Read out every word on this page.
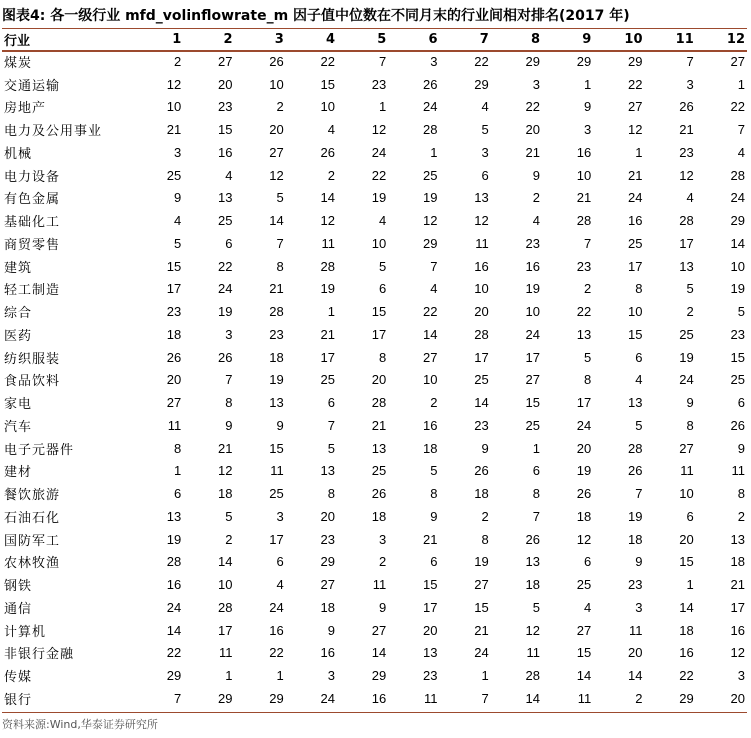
图表4: 各一级行业 mfd_volinflowrate_m 因子值中位数在不同月末的行业间相对排名(2017 年)
行业	1	2	3	4	5	6	7	8	9	10	11	12
煤炭	2	27	26	22	7	3	22	29	29	29	7	27
交通运输	12	20	10	15	23	26	29	3	1	22	3	1
房地产	10	23	2	10	1	24	4	22	9	27	26	22
电力及公用事业	21	15	20	4	12	28	5	20	3	12	21	7
机械	3	16	27	26	24	1	3	21	16	1	23	4
电力设备	25	4	12	2	22	25	6	9	10	21	12	28
有色金属	9	13	5	14	19	19	13	2	21	24	4	24
基础化工	4	25	14	12	4	12	12	4	28	16	28	29
商贸零售	5	6	7	11	10	29	11	23	7	25	17	14
建筑	15	22	8	28	5	7	16	16	23	17	13	10
轻工制造	17	24	21	19	6	4	10	19	2	8	5	19
综合	23	19	28	1	15	22	20	10	22	10	2	5
医药	18	3	23	21	17	14	28	24	13	15	25	23
纺织服装	26	26	18	17	8	27	17	17	5	6	19	15
食品饮料	20	7	19	25	20	10	25	27	8	4	24	25
家电	27	8	13	6	28	2	14	15	17	13	9	6
汽车	11	9	9	7	21	16	23	25	24	5	8	26
电子元器件	8	21	15	5	13	18	9	1	20	28	27	9
建材	1	12	11	13	25	5	26	6	19	26	11	11
餐饮旅游	6	18	25	8	26	8	18	8	26	7	10	8
石油石化	13	5	3	20	18	9	2	7	18	19	6	2
国防军工	19	2	17	23	3	21	8	26	12	18	20	13
农林牧渔	28	14	6	29	2	6	19	13	6	9	15	18
钢铁	16	10	4	27	11	15	27	18	25	23	1	21
通信	24	28	24	18	9	17	15	5	4	3	14	17
计算机	14	17	16	9	27	20	21	12	27	11	18	16
非银行金融	22	11	22	16	14	13	24	11	15	20	16	12
传媒	29	1	1	3	29	23	1	28	14	14	22	3
银行	7	29	29	24	16	11	7	14	11	2	29	20
资料来源:Wind,华泰证券研究所
